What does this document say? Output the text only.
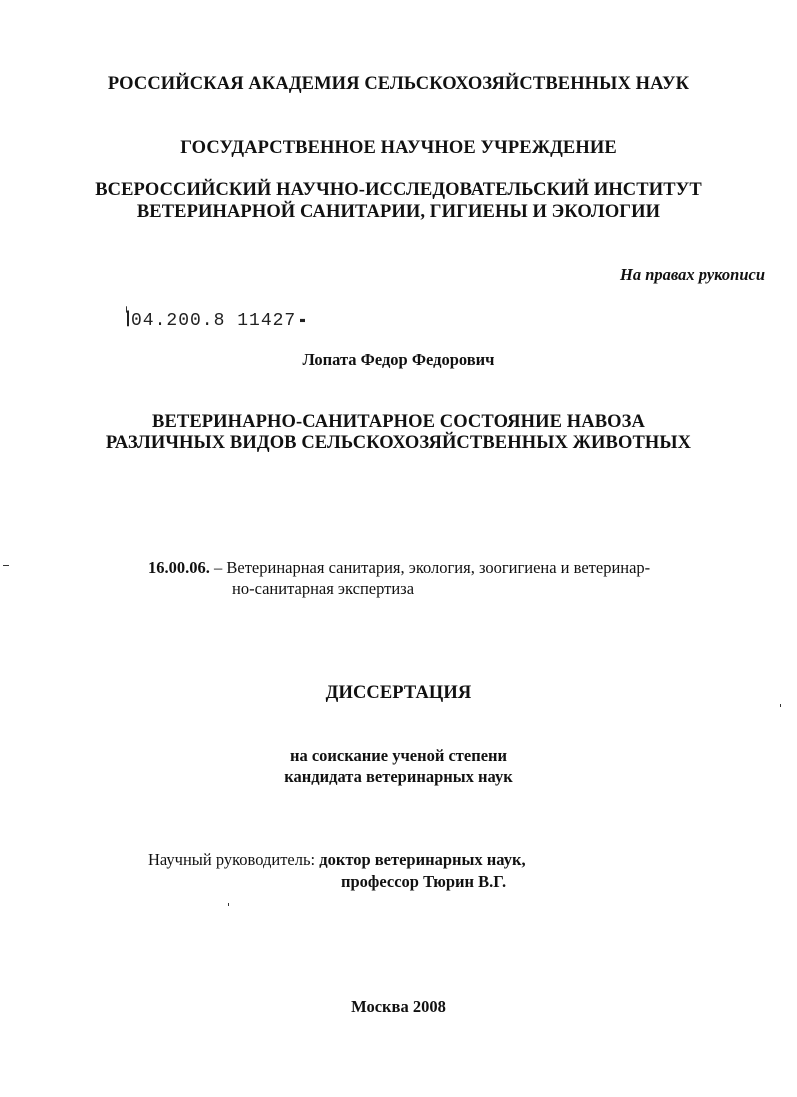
РОССИЙСКАЯ АКАДЕМИЯ СЕЛЬСКОХОЗЯЙСТВЕННЫХ НАУК
ГОСУДАРСТВЕННОЕ НАУЧНОЕ УЧРЕЖДЕНИЕ
ВСЕРОССИЙСКИЙ НАУЧНО-ИССЛЕДОВАТЕЛЬСКИЙ ИНСТИТУТ
ВЕТЕРИНАРНОЙ САНИТАРИИ, ГИГИЕНЫ И ЭКОЛОГИИ
На правах рукописи
04.200.8 11427
Лопата Федор Федорович
ВЕТЕРИНАРНО-САНИТАРНОЕ СОСТОЯНИЕ НАВОЗА
РАЗЛИЧНЫХ ВИДОВ СЕЛЬСКОХОЗЯЙСТВЕННЫХ ЖИВОТНЫХ
16.00.06. – Ветеринарная санитария, экология, зоогигиена и ветеринар-
но-санитарная экспертиза
ДИССЕРТАЦИЯ
на соискание ученой степени
кандидата ветеринарных наук
Научный руководитель: доктор ветеринарных наук,
профессор Тюрин В.Г.
Москва 2008
